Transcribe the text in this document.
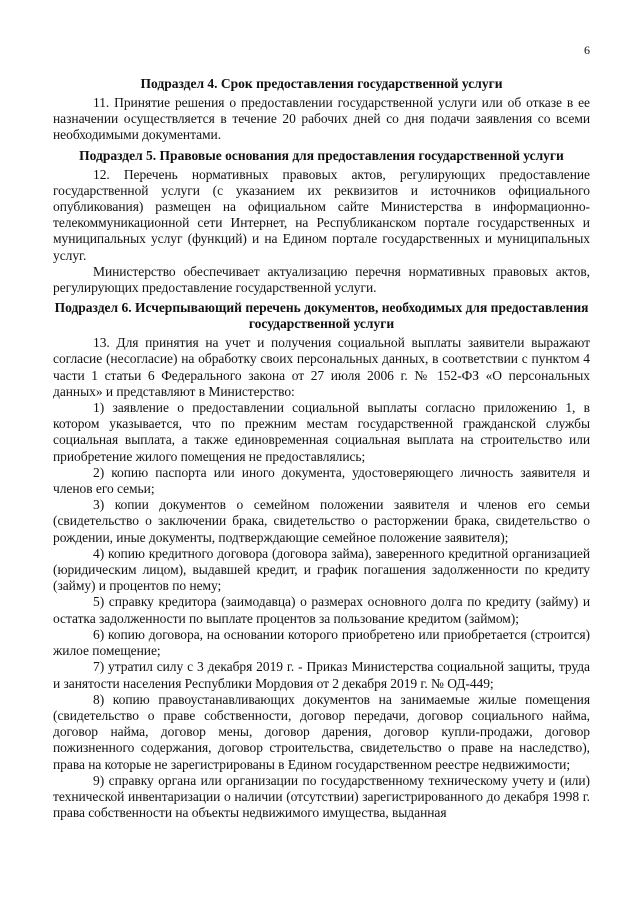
6
Подраздел 4. Срок предоставления государственной услуги

11. Принятие решения о предоставлении государственной услуги или об отказе в ее назначении осуществляется в течение 20 рабочих дней со дня подачи заявления со всеми необходимыми документами.

Подраздел 5. Правовые основания для предоставления государственной услуги

12. Перечень нормативных правовых актов, регулирующих предоставление государственной услуги (с указанием их реквизитов и источников официального опубликования) размещен на официальном сайте Министерства в информационно-телекоммуникационной сети Интернет, на Республиканском портале государственных и муниципальных услуг (функций) и на Едином портале государственных и муниципальных услуг.

Министерство обеспечивает актуализацию перечня нормативных правовых актов, регулирующих предоставление государственной услуги.

Подраздел 6. Исчерпывающий перечень документов, необходимых для предоставления государственной услуги

13. Для принятия на учет и получения социальной выплаты заявители выражают согласие (несогласие) на обработку своих персональных данных, в соответствии с пунктом 4 части 1 статьи 6 Федерального закона от 27 июля 2006 г. № 152-ФЗ «О персональных данных» и представляют в Министерство:

1) заявление о предоставлении социальной выплаты согласно приложению 1, в котором указывается, что по прежним местам государственной гражданской службы социальная выплата, а также единовременная социальная выплата на строительство или приобретение жилого помещения не предоставлялись;

2) копию паспорта или иного документа, удостоверяющего личность заявителя и членов его семьи;

3) копии документов о семейном положении заявителя и членов его семьи (свидетельство о заключении брака, свидетельство о расторжении брака, свидетельство о рождении, иные документы, подтверждающие семейное положение заявителя);

4) копию кредитного договора (договора займа), заверенного кредитной организацией (юридическим лицом), выдавшей кредит, и график погашения задолженности по кредиту (займу) и процентов по нему;

5) справку кредитора (заимодавца) о размерах основного долга по кредиту (займу) и остатка задолженности по выплате процентов за пользование кредитом (займом);

6) копию договора, на основании которого приобретено или приобретается (строится) жилое помещение;

7) утратил силу с 3 декабря 2019 г. - Приказ Министерства социальной защиты, труда и занятости населения Республики Мордовия от 2 декабря 2019 г. № ОД-449;

8) копию правоустанавливающих документов на занимаемые жилые помещения (свидетельство о праве собственности, договор передачи, договор социального найма, договор найма, договор мены, договор дарения, договор купли-продажи, договор пожизненного содержания, договор строительства, свидетельство о праве на наследство), права на которые не зарегистрированы в Едином государственном реестре недвижимости;

9) справку органа или организации по государственному техническому учету и (или) технической инвентаризации о наличии (отсутствии) зарегистрированного до декабря 1998 г. права собственности на объекты недвижимого имущества, выданная
